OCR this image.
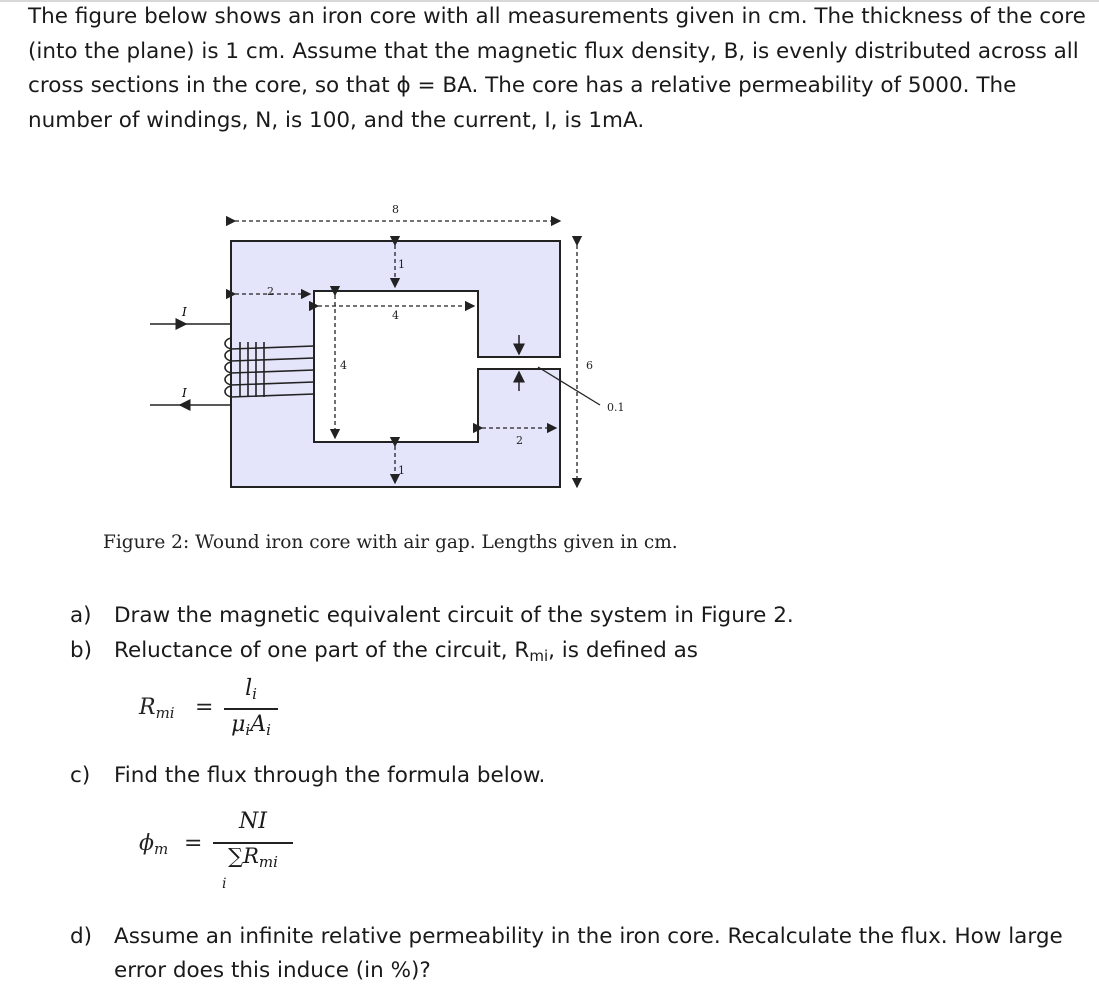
The figure below shows an iron core with all measurements given in cm. The thickness of the core (into the plane) is 1 cm. Assume that the magnetic flux density, B, is evenly distributed across all cross sections in the core, so that ϕ = BA. The core has a relative permeability of 5000. The number of windings, N, is 100, and the current, I, is 1mA.

I
I
8
1
2
4
4	6
0.1
2
1
Figure 2: Wound iron core with air gap. Lengths given in cm.
a) Draw the magnetic equivalent circuit of the system in Figure 2.
b) Reluctance of one part of the circuit, Rmi, is defined as
Rmi =
li
μiAi
c) Find the flux through the formula below.
ϕm =
NI
∑Rmi
i
d) Assume an infinite relative permeability in the iron core. Recalculate the flux. How large error does this induce (in %)?
